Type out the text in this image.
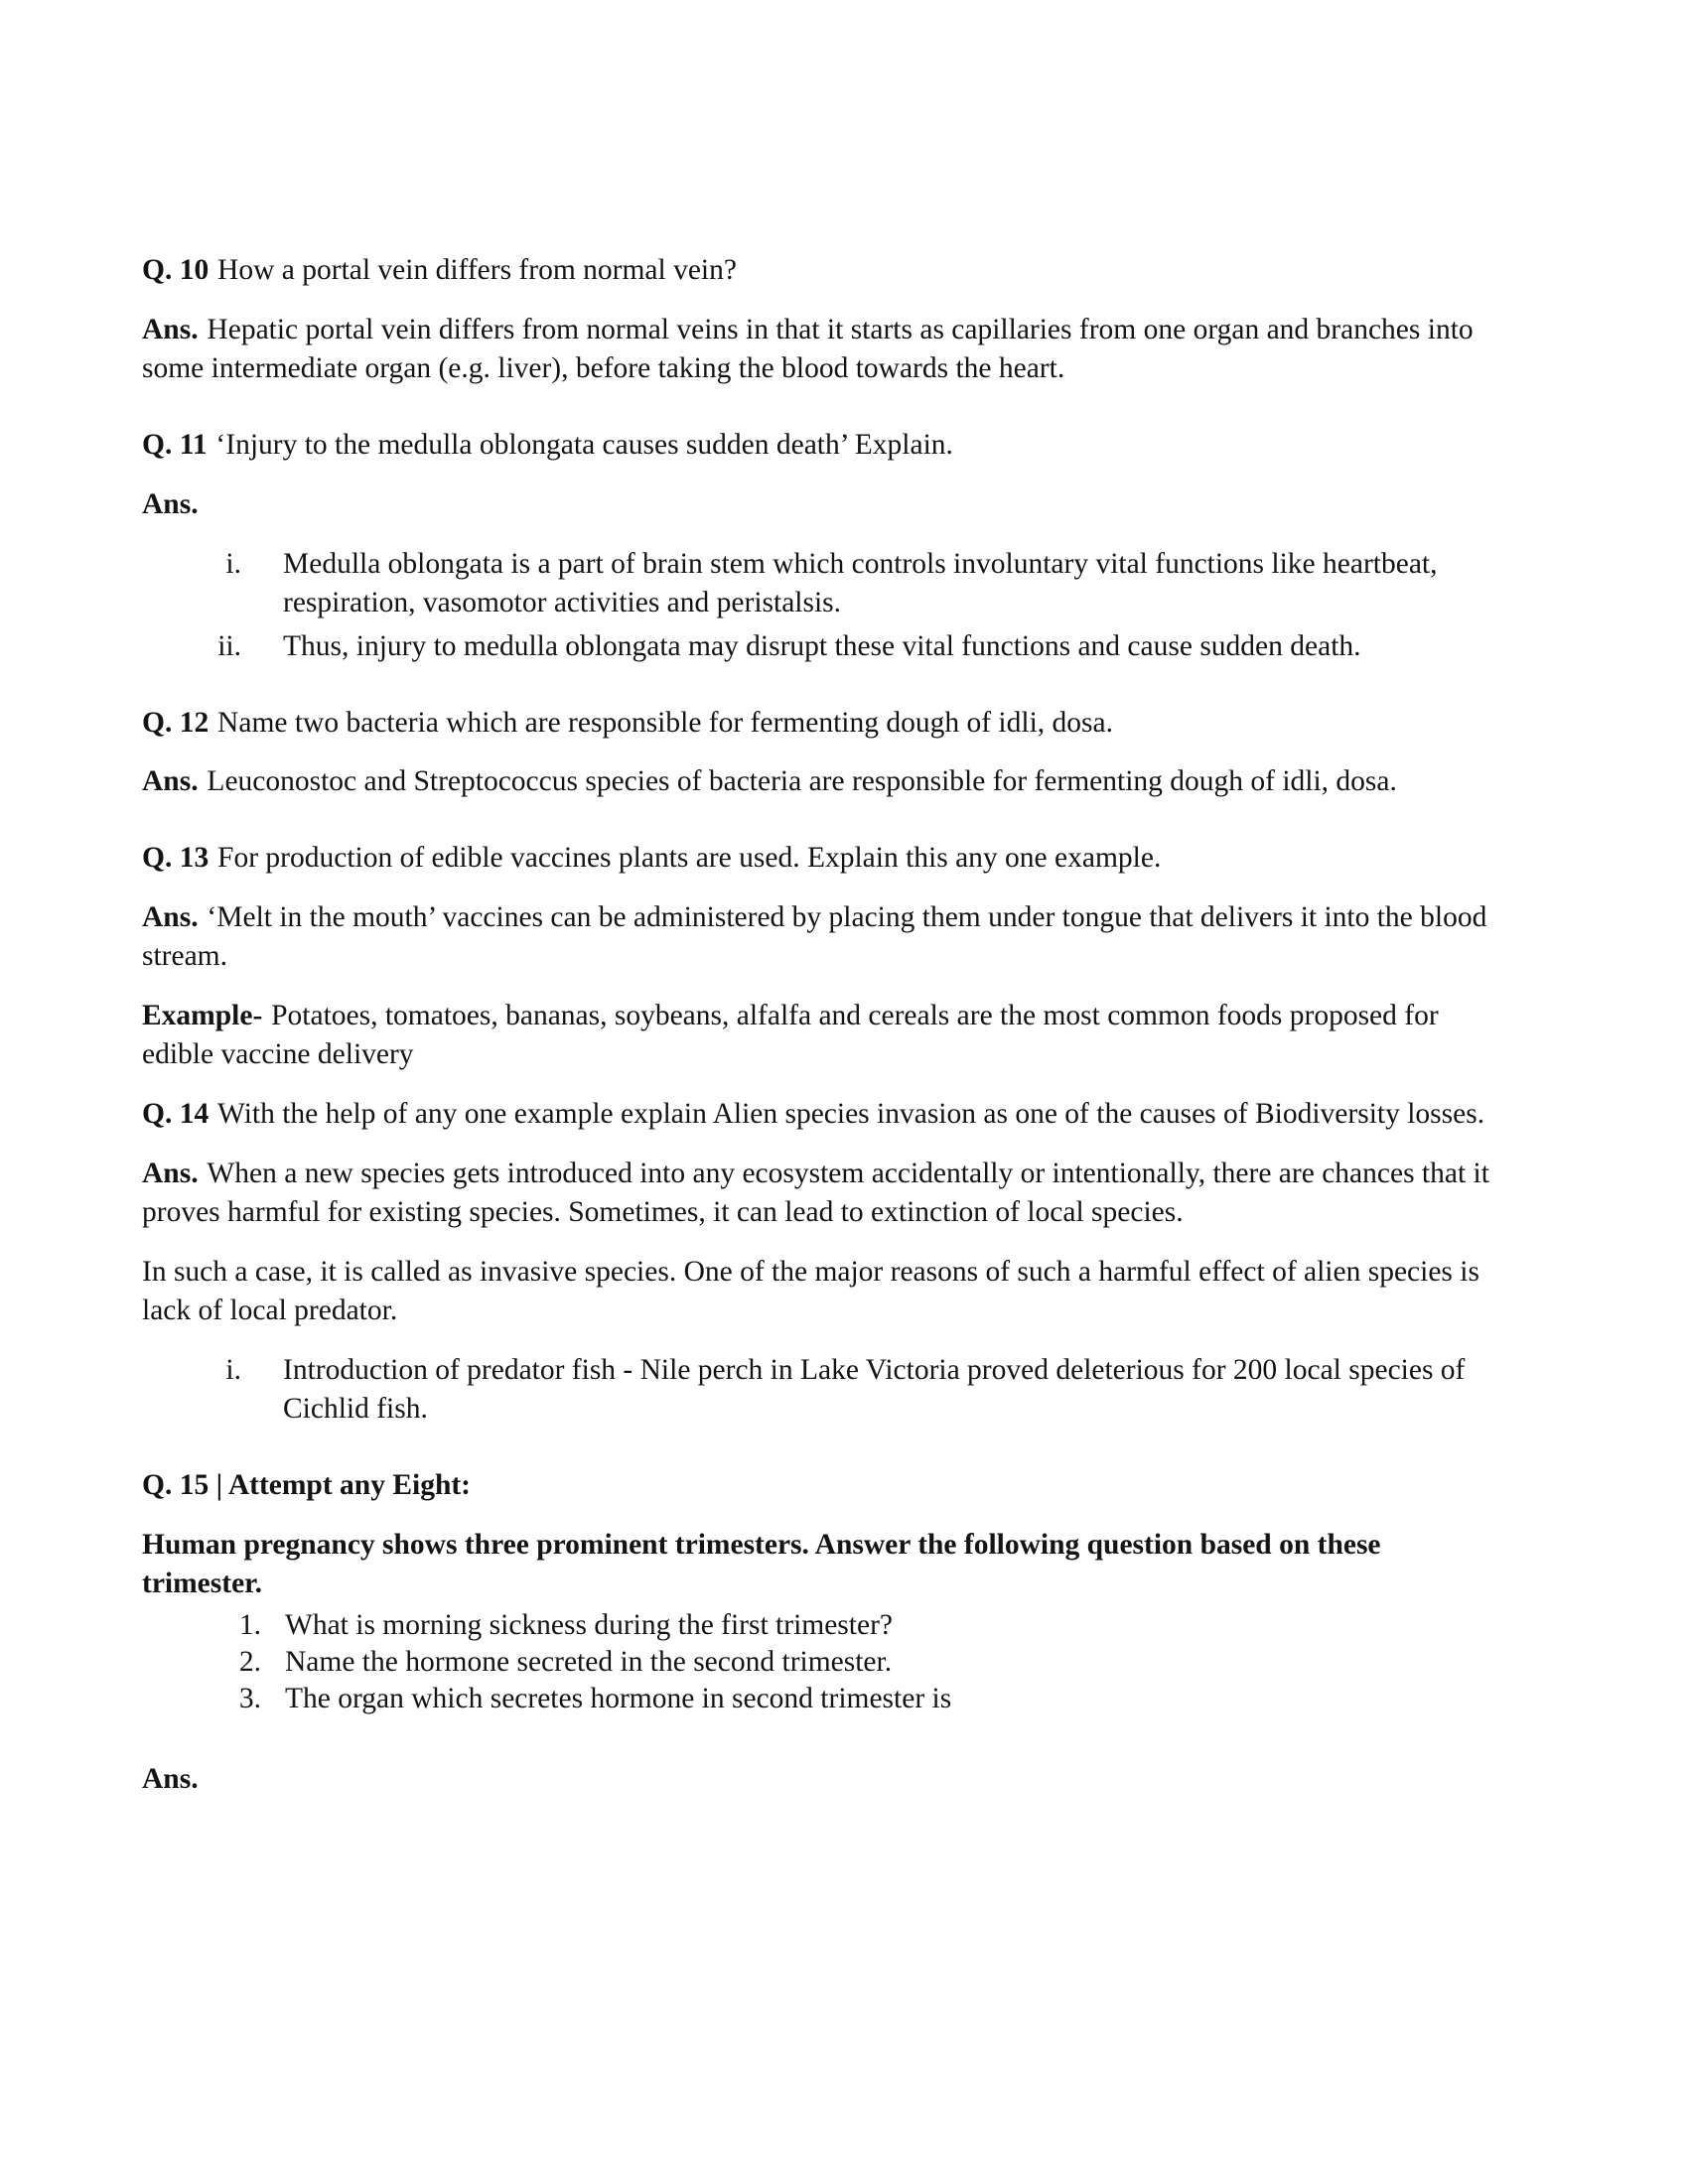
Q. 10 How a portal vein differs from normal vein?

Ans. Hepatic portal vein differs from normal veins in that it starts as capillaries from one organ and branches into some intermediate organ (e.g. liver), before taking the blood towards the heart.

Q. 11 ‘Injury to the medulla oblongata causes sudden death’ Explain.

Ans.

i.	Medulla oblongata is a part of brain stem which controls involuntary vital functions like heartbeat, respiration, vasomotor activities and peristalsis.
ii.	Thus, injury to medulla oblongata may disrupt these vital functions and cause sudden death.

Q. 12 Name two bacteria which are responsible for fermenting dough of idli, dosa.

Ans. Leuconostoc and Streptococcus species of bacteria are responsible for fermenting dough of idli, dosa.

Q. 13 For production of edible vaccines plants are used. Explain this any one example.

Ans. ‘Melt in the mouth’ vaccines can be administered by placing them under tongue that delivers it into the blood stream.

Example- Potatoes, tomatoes, bananas, soybeans, alfalfa and cereals are the most common foods proposed for edible vaccine delivery

Q. 14 With the help of any one example explain Alien species invasion as one of the causes of Biodiversity losses.

Ans. When a new species gets introduced into any ecosystem accidentally or intentionally, there are chances that it proves harmful for existing species. Sometimes, it can lead to extinction of local species.

In such a case, it is called as invasive species. One of the major reasons of such a harmful effect of alien species is lack of local predator.

i.	Introduction of predator fish - Nile perch in Lake Victoria proved deleterious for 200 local species of Cichlid fish.

Q. 15 | Attempt any Eight:

Human pregnancy shows three prominent trimesters. Answer the following question based on these trimester.

1. What is morning sickness during the first trimester?
2. Name the hormone secreted in the second trimester.
3. The organ which secretes hormone in second trimester is

Ans.
